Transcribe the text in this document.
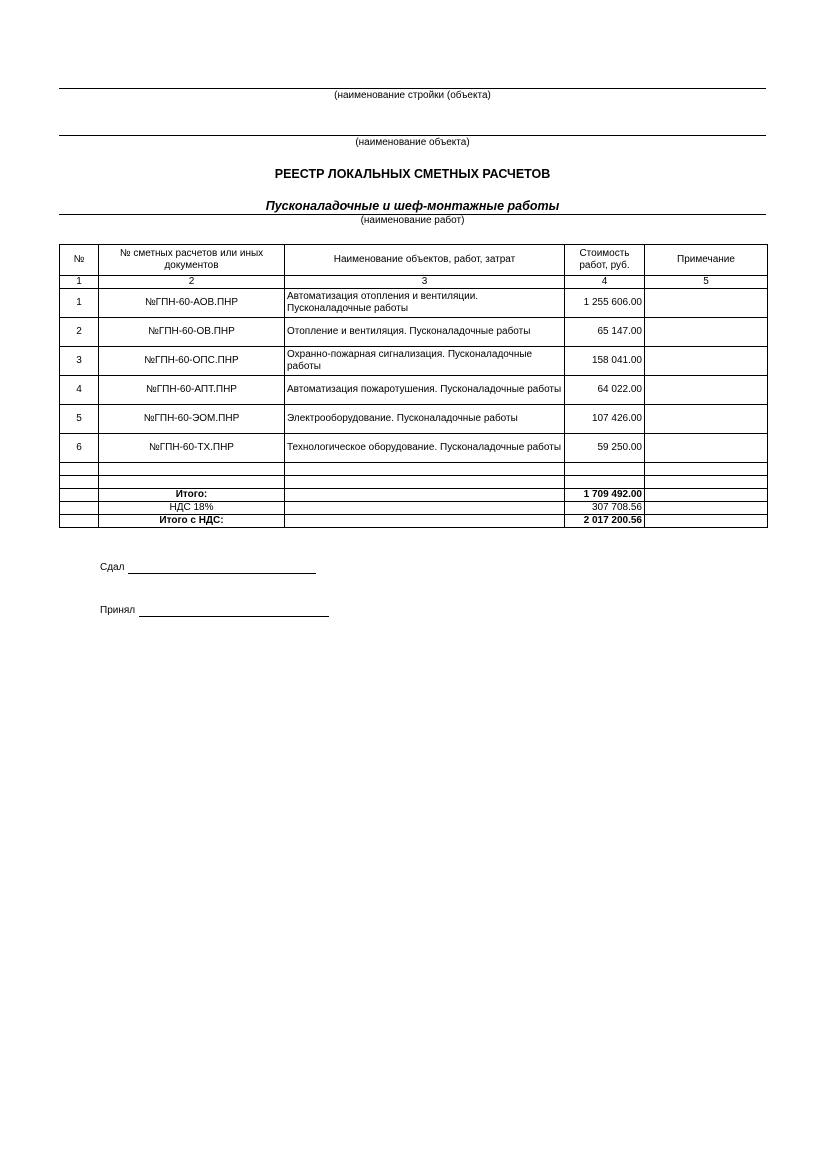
(наименование стройки (объекта)
(наименование объекта)
РЕЕСТР ЛОКАЛЬНЫХ СМЕТНЫХ РАСЧЕТОВ
Пусконаладочные и шеф-монтажные работы
(наименование работ)
№	№ сметных расчетов или иных документов	Наименование объектов, работ, затрат	Стоимость работ, руб.	Примечание
1	2	3	4	5
1	№ГПН-60-АОВ.ПНР	Автоматизация отопления и вентиляции. Пусконаладочные работы	1 255 606.00	
2	№ГПН-60-ОВ.ПНР	Отопление и вентиляция. Пусконаладочные работы	65 147.00	
3	№ГПН-60-ОПС.ПНР	Охранно-пожарная сигнализация. Пусконаладочные работы	158 041.00	
4	№ГПН-60-АПТ.ПНР	Автоматизация пожаротушения. Пусконаладочные работы	64 022.00	
5	№ГПН-60-ЭОМ.ПНР	Электрооборудование. Пусконаладочные работы	107 426.00	
6	№ГПН-60-ТХ.ПНР	Технологическое оборудование. Пусконаладочные работы	59 250.00	

	Итого:		1 709 492.00	
	НДС 18%		307 708.56	
	Итого с НДС:		2 017 200.56	
Сдал
Принял
